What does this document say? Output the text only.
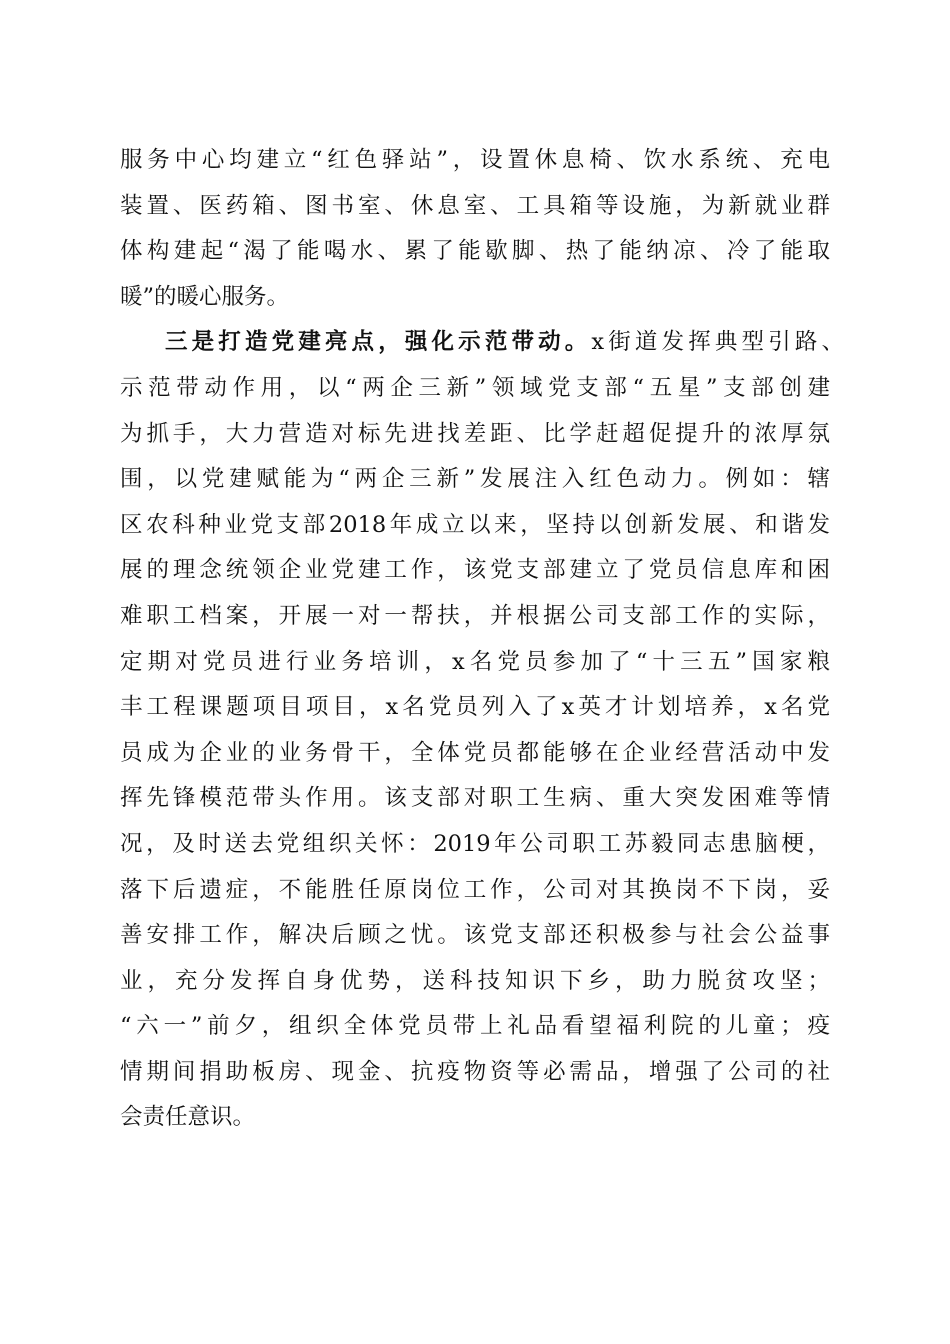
服务中心均建立“红色驿站”，设置休息椅、饮水系统、充电
装置、医药箱、图书室、休息室、工具箱等设施，为新就业群
体构建起“渴了能喝水、累了能歇脚、热了能纳凉、冷了能取
暖”的暖心服务。
三是打造党建亮点，强化示范带动。x街道发挥典型引路、
示范带动作用，以“两企三新”领域党支部“五星”支部创建
为抓手，大力营造对标先进找差距、比学赶超促提升的浓厚氛
围，以党建赋能为“两企三新”发展注入红色动力。例如：辖
区农科种业党支部2018年成立以来，坚持以创新发展、和谐发
展的理念统领企业党建工作，该党支部建立了党员信息库和困
难职工档案，开展一对一帮扶，并根据公司支部工作的实际，
定期对党员进行业务培训，x名党员参加了“十三五”国家粮
丰工程课题项目项目，x名党员列入了x英才计划培养，x名党
员成为企业的业务骨干，全体党员都能够在企业经营活动中发
挥先锋模范带头作用。该支部对职工生病、重大突发困难等情
况，及时送去党组织关怀：2019年公司职工苏毅同志患脑梗，
落下后遗症，不能胜任原岗位工作，公司对其换岗不下岗，妥
善安排工作，解决后顾之忧。该党支部还积极参与社会公益事
业，充分发挥自身优势，送科技知识下乡，助力脱贫攻坚；
“六一”前夕，组织全体党员带上礼品看望福利院的儿童；疫
情期间捐助板房、现金、抗疫物资等必需品，增强了公司的社
会责任意识。
